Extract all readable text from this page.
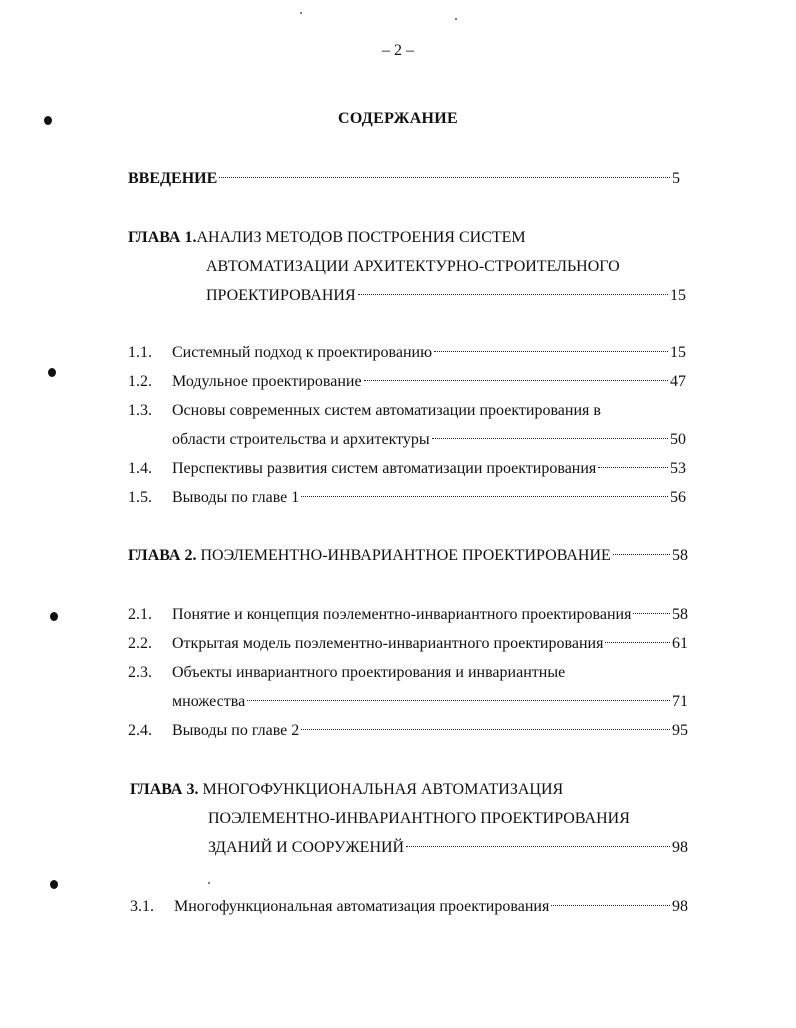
– 2 –
СОДЕРЖАНИЕ
ВВЕДЕНИЕ	5
ГЛАВА 1.АНАЛИЗ МЕТОДОВ ПОСТРОЕНИЯ СИСТЕМ
АВТОМАТИЗАЦИИ АРХИТЕКТУРНО-СТРОИТЕЛЬНОГО
ПРОЕКТИРОВАНИЯ	15
1.1. Системный подход к проектированию	15
1.2. Модульное проектирование	47
1.3. Основы современных систем автоматизации проектирования в
области строительства и архитектуры	50
1.4. Перспективы развития систем автоматизации проектирования	53
1.5. Выводы по главе 1	56
ГЛАВА 2. ПОЭЛЕМЕНТНО-ИНВАРИАНТНОЕ ПРОЕКТИРОВАНИЕ	58
2.1. Понятие и концепция поэлементно-инвариантного проектирования	58
2.2. Открытая модель поэлементно-инвариантного проектирования	61
2.3. Объекты инвариантного проектирования и инвариантные
множества	71
2.4. Выводы по главе 2	95
ГЛАВА 3. МНОГОФУНКЦИОНАЛЬНАЯ АВТОМАТИЗАЦИЯ
ПОЭЛЕМЕНТНО-ИНВАРИАНТНОГО ПРОЕКТИРОВАНИЯ
ЗДАНИЙ И СООРУЖЕНИЙ	98
3.1. Многофункциональная автоматизация проектирования	98
